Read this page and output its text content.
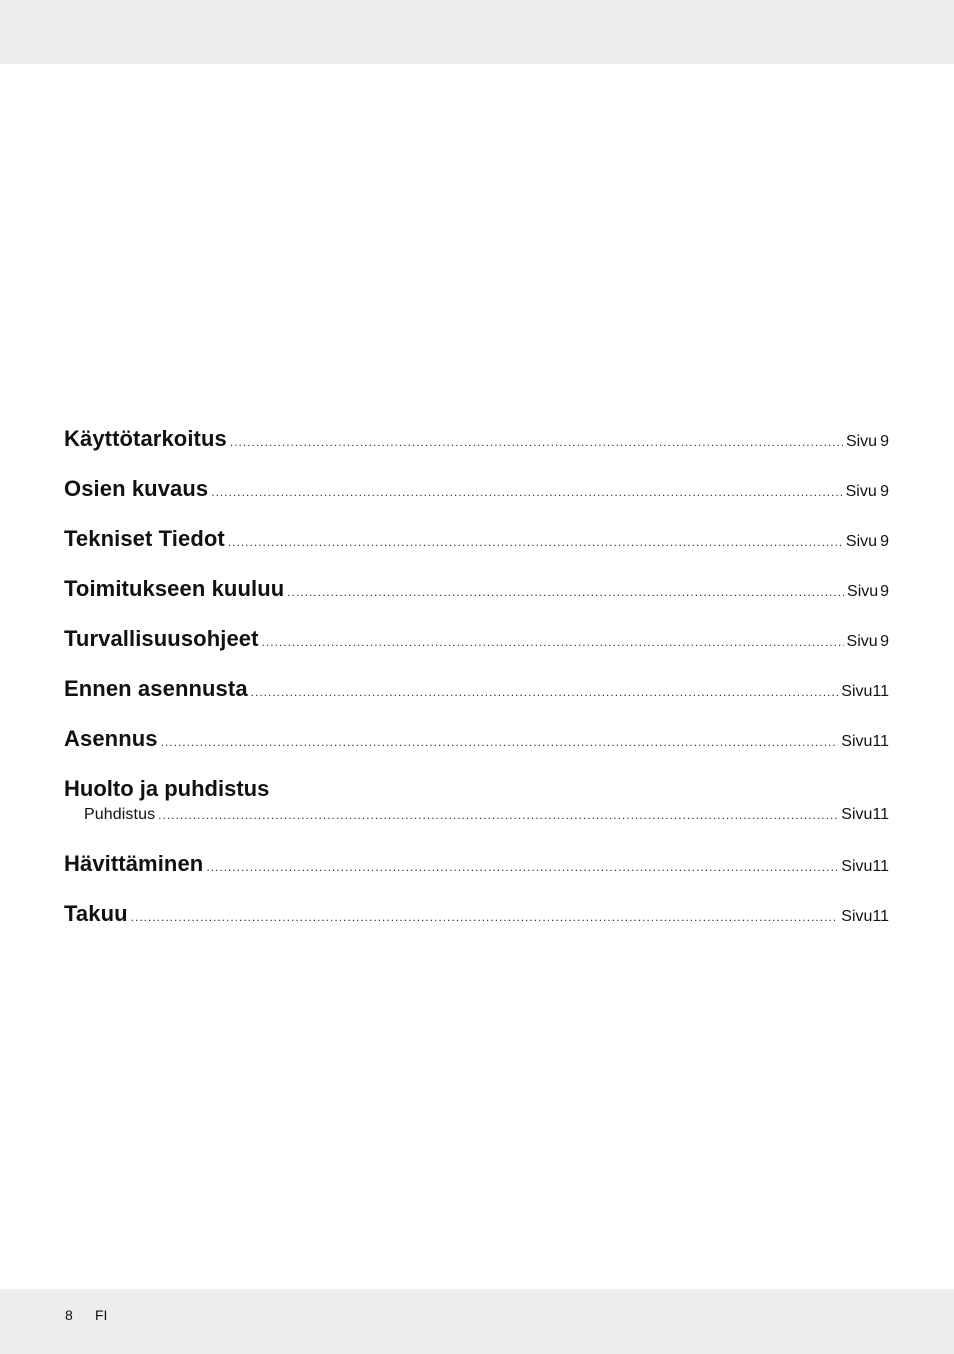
Käyttötarkoitus .....	Sivu 9
Osien kuvaus .....	Sivu 9
Tekniset Tiedot .....	Sivu 9
Toimitukseen kuuluu .....	Sivu 9
Turvallisuusohjeet .....	Sivu 9
Ennen asennusta .....	Sivu 11
Asennus .....	Sivu 11
Huolto ja puhdistus
Puhdistus .....	Sivu 11
Hävittäminen .....	Sivu 11
Takuu .....	Sivu 11
8 FI
